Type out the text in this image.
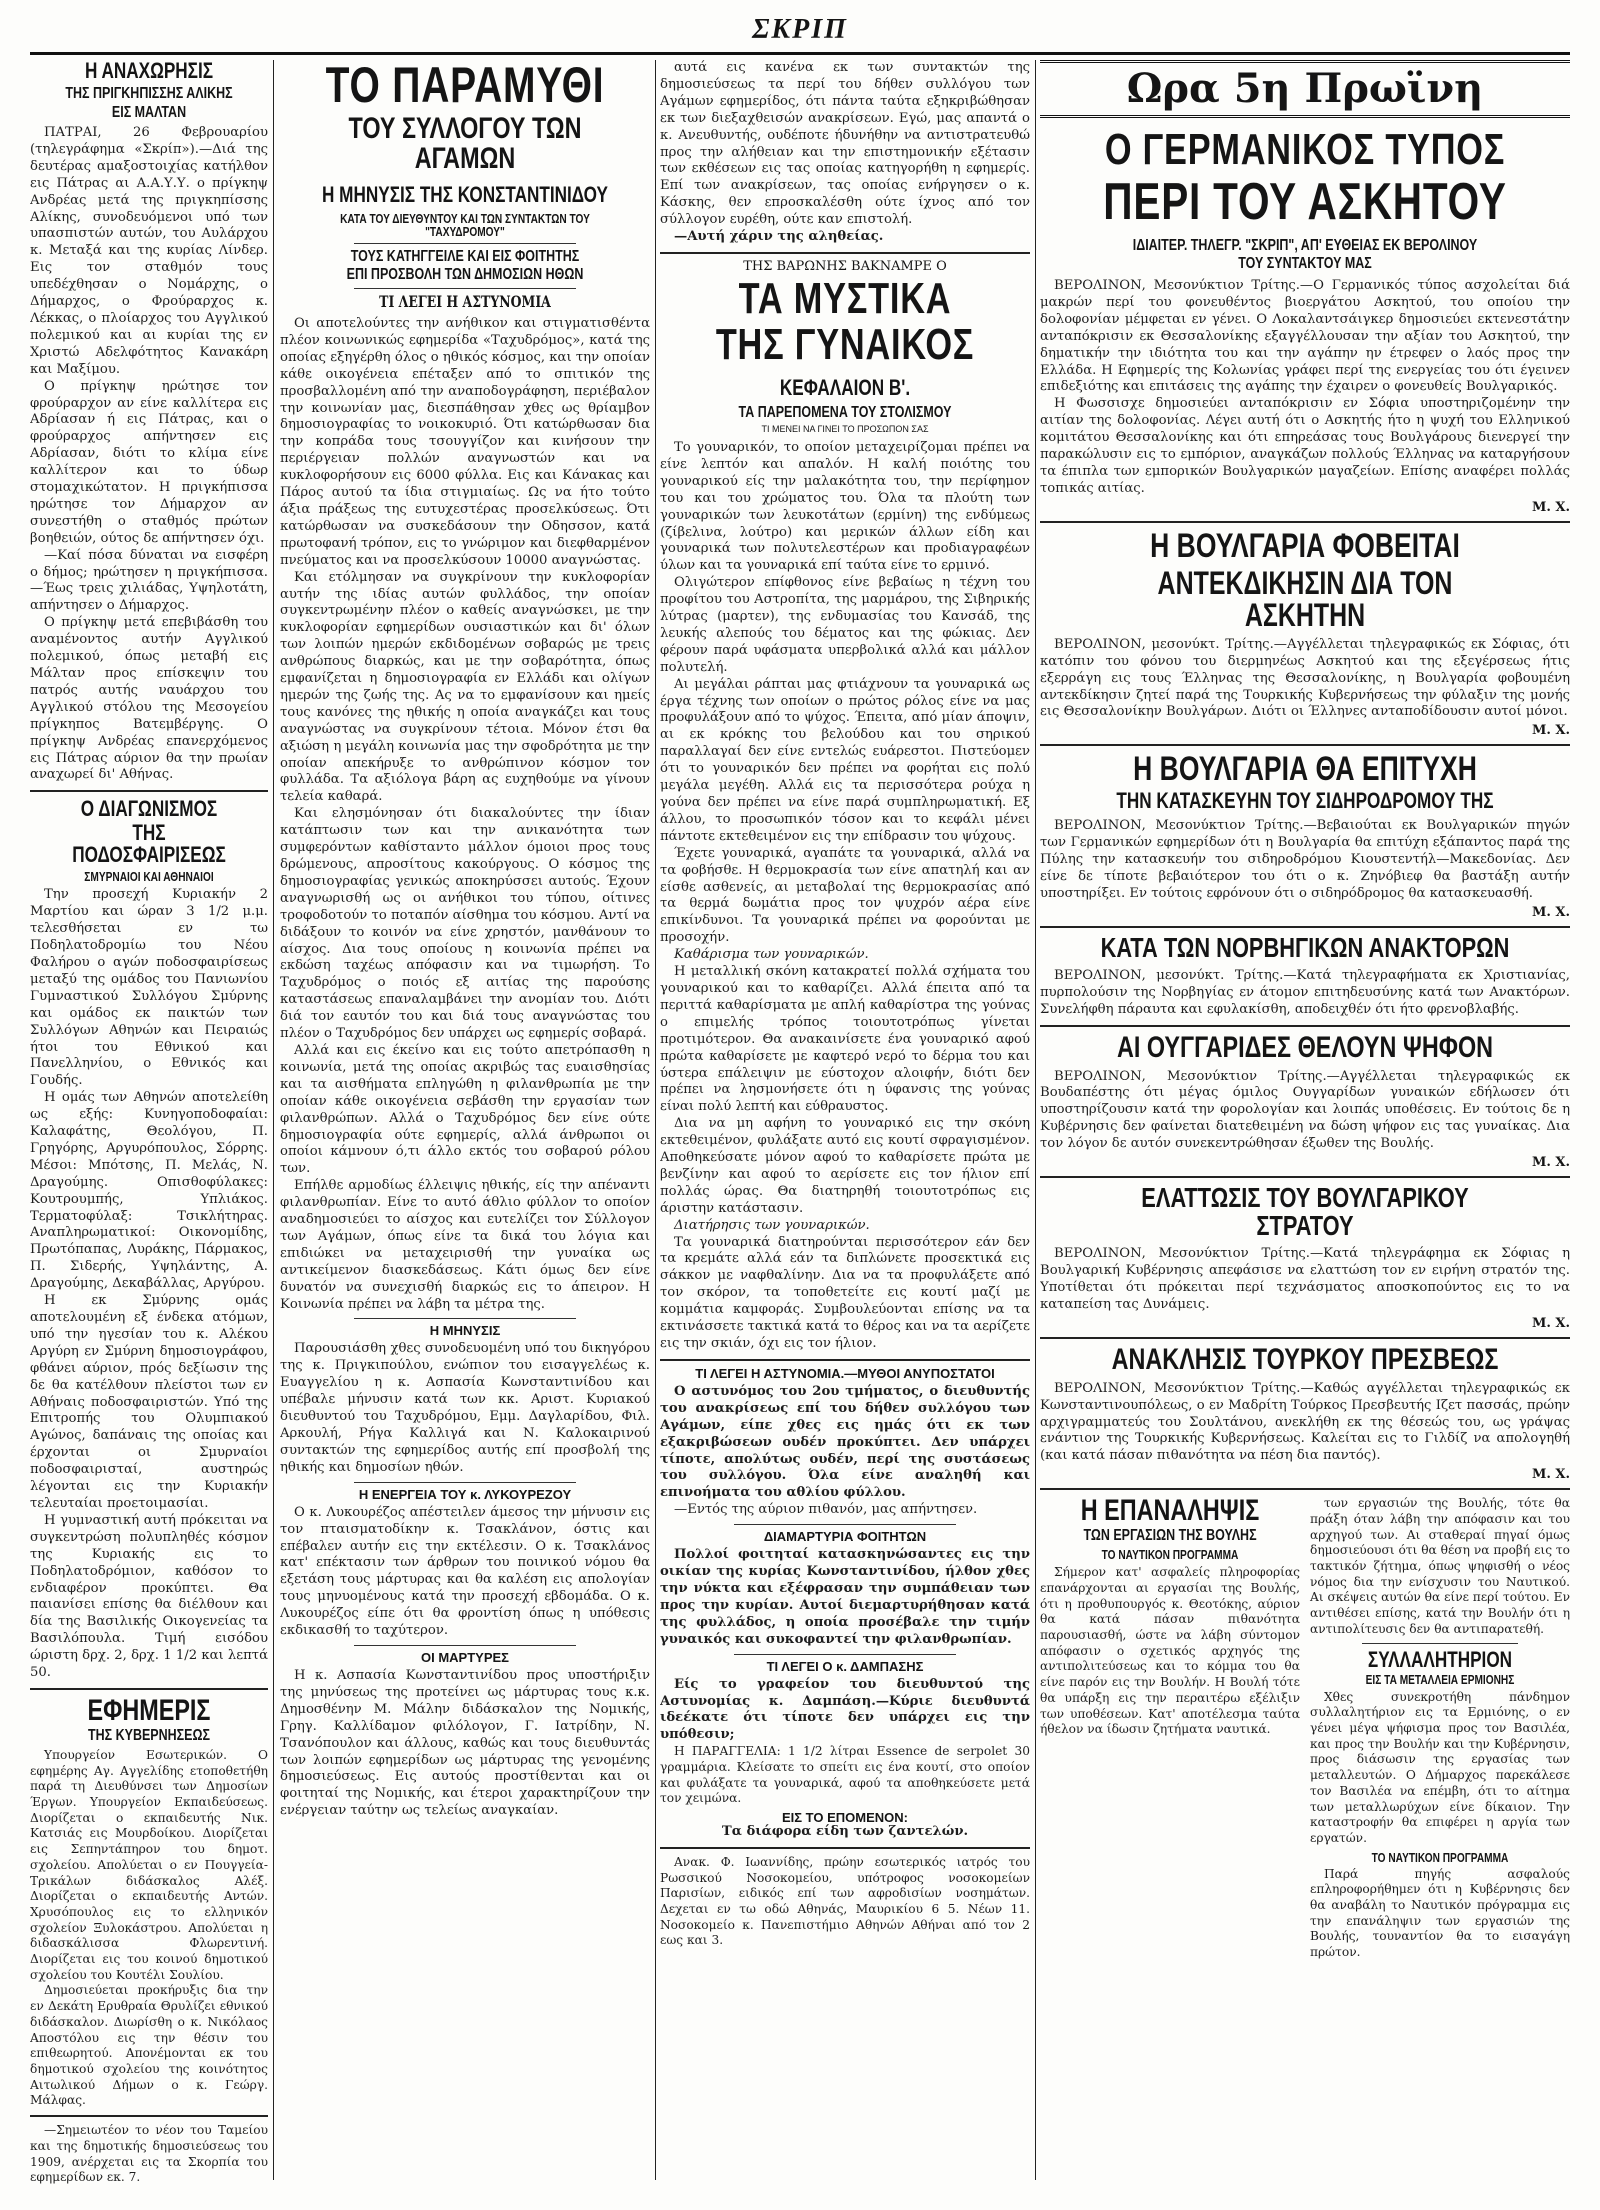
ΣΚΡΙΠ
Η ΑΝΑΧΩΡΗΣΙΣ
ΤΗΣ ΠΡΙΓΚΗΠΙΣΣΗΣ ΑΛΙΚΗΣ
ΕΙΣ ΜΑΛΤΑΝ
ΠΑΤΡΑΙ, 26 Φεβρουαρίου (τηλεγράφημα «Σκρίπ»).—Διά της δευτέρας αμαξοστοιχίας κατήλθον εις Πάτρας αι Α.Α.Υ.Υ. ο πρίγκηψ Ανδρέας μετά της πριγκηπίσσης Αλίκης, συνοδευόμενοι υπό των υπασπιστών αυτών, του Αυλάρχου κ. Μεταξά και της κυρίας Λίνδερ. Εις τον σταθμόν τους υπεδέχθησαν ο Νομάρχης, ο Δήμαρχος, ο Φρούραρχος κ. Λέκκας, ο πλοίαρχος του Αγγλικού πολεμικού και αι κυρίαι της εν Χριστώ Αδελφότητος Κανακάρη και Μαξίμου.
Ο πρίγκηψ ηρώτησε τον φρούραρχον αν είνε καλλίτερα εις Αδρίασαν ή εις Πάτρας, και ο φρούραρχος απήντησεν εις Αδρίασαν, διότι το κλίμα είνε καλλίτερον και το ύδωρ στομαχικώτατον. Η πριγκήπισσα ηρώτησε τον Δήμαρχον αν συνεστήθη ο σταθμός πρώτων βοηθειών, ούτος δε απήντησεν όχι.
—Καί πόσα δύναται να εισφέρη ο δήμος; ηρώτησεν η πριγκήπισσα. —Έως τρεις χιλιάδας, Υψηλοτάτη, απήντησεν ο Δήμαρχος.
Ο πρίγκηψ μετά επεβιβάσθη του αναμένοντος αυτήν Αγγλικού πολεμικού, όπως μεταβή εις Μάλταν προς επίσκεψιν του πατρός αυτής ναυάρχου του Αγγλικού στόλου της Μεσογείου πρίγκηπος Βατεμβέργης. Ο πρίγκηψ Ανδρέας επανερχόμενος εις Πάτρας αύριον θα την πρωίαν αναχωρεί δι' Αθήνας.
Ο ΔΙΑΓΩΝΙΣΜΟΣ
ΤΗΣ ΠΟΔΟΣΦΑΙΡΙΣΕΩΣ
ΣΜΥΡΝΑΙΟΙ ΚΑΙ ΑΘΗΝΑΙΟΙ
Την προσεχή Κυριακήν 2 Μαρτίου και ώραν 3 1/2 μ.μ. τελεσθήσεται εν τω Ποδηλατοδρομίω του Νέου Φαλήρου ο αγών ποδοσφαιρίσεως μεταξύ της ομάδος του Πανιωνίου Γυμναστικού Συλλόγου Σμύρνης και ομάδος εκ παικτών των Συλλόγων Αθηνών και Πειραιώς ήτοι του Εθνικού και Πανελληνίου, ο Εθνικός και Γουδής.
Η ομάς των Αθηνών αποτελείθη ως εξής: Κυνηγοποδοφαίαι: Καλαφάτης, Θεολόγου, Π. Γρηγόρης, Αργυρόπουλος, Σόρρης. Μέσοι: Μπότσης, Π. Μελάς, Ν. Δραγούμης. Οπισθοφύλακες: Κουτρουμπής, Υπλιάκος. Τερματοφύλαξ: Τσικλήτηρας. Αναπληρωματικοί: Οικονομίδης, Πρωτόπαπας, Λυράκης, Πάρμακος, Π. Σιδερής, Υψηλάντης, Α. Δραγούμης, Δεκαβάλλας, Αργύρου.
Η εκ Σμύρνης ομάς αποτελουμένη εξ ένδεκα ατόμων, υπό την ηγεσίαν του κ. Αλέκου Αργύρη εν Σμύρνη δημοσιογράφου, φθάνει αύριον, πρός δεξίωσιν της δε θα κατέλθουν πλείστοι των εν Αθήναις ποδοσφαιριστών. Υπό της Επιτροπής του Ολυμπιακού Αγώνος, δαπάναις της οποίας και έρχονται οι Σμυρναίοι ποδοσφαιρισταί, αυστηρώς λέγονται εις την Κυριακήν τελευταίαι προετοιμασίαι.
Η γυμναστική αυτή πρόκειται να συγκεντρώση πολυπληθές κόσμον της Κυριακής εις το Ποδηλατοδρόμιον, καθόσον το ενδιαφέρον προκύπτει. Θα παιανίσει επίσης θα διέλθουν και δία της Βασιλικής Οικογενείας τα Βασιλόπουλα. Τιμή εισόδου ώριστη δρχ. 2, δρχ. 1 1/2 και λεπτά 50.
ΕΦΗΜΕΡΙΣ
ΤΗΣ ΚΥΒΕΡΝΗΣΕΩΣ
Υπουργείον Εσωτερικών. Ο εφημέρης Αγ. Αγγελίδης ετοποθετήθη παρά τη Διευθύνσει των Δημοσίων Έργων. Υπουργείον Εκπαιδεύσεως. Διορίζεται ο εκπαιδευτής Νικ. Κατσιάς εις Μουρδοίκου. Διορίζεται εις Σεπηντάπηρον του δημοτ. σχολείου. Απολύεται ο εν Πουγγεία-Τρικάλων διδάσκαλος Αλέξ. Διορίζεται ο εκπαιδευτής Αντών. Χρυσόπουλος εις το ελληνικόν σχολείον Ξυλοκάστρου. Απολύεται η διδασκάλισσα Φλωρεντινή. Διορίζεται εις του κοινού δημοτικού σχολείου του Κουτέλι Σουλίου.
Δημοσιεύεται προκήρυξις δια την εν Δεκάτη Ερυθραία Θρυλίζει εθνικού διδάσκαλον. Διωρίσθη ο κ. Νικόλαος Αποστόλου εις την θέσιν του επιθεωρητού. Απονέμονται εκ του δημοτικού σχολείου της κοινότητος Αιτωλικού Δήμων ο κ. Γεώργ. Μάλφας.
—Σημειωτέον το νέον του Ταμείου και της δημοτικής δημοσιεύσεως του 1909, ανέρχεται εις τα Σκορπία του εφημερίδων εκ. 7.
ΤΟ ΠΑΡΑΜΥΘΙ
ΤΟΥ ΣΥΛΛΟΓΟΥ ΤΩΝ ΑΓΑΜΩΝ
Η ΜΗΝΥΣΙΣ ΤΗΣ ΚΟΝΣΤΑΝΤΙΝΙΔΟΥ
ΚΑΤΑ ΤΟΥ ΔΙΕΥΘΥΝΤΟΥ ΚΑΙ ΤΩΝ ΣΥΝΤΑΚΤΩΝ ΤΟΥ "ΤΑΧΥΔΡΟΜΟΥ"
ΤΟΥΣ ΚΑΤΗΓΓΕΙΛΕ ΚΑΙ ΕΙΣ ΦΟΙΤΗΤΗΣ
ΕΠΙ ΠΡΟΣΒΟΛΗ ΤΩΝ ΔΗΜΟΣΙΩΝ ΗΘΩΝ
ΤΙ ΛΕΓΕΙ Η ΑΣΤΥΝΟΜΙΑ
Οι αποτελούντες την ανήθικον και στιγματισθέντα πλέον κοινωνικώς εφημερίδα «Ταχυδρόμος», κατά της οποίας εξηγέρθη όλος ο ηθικός κόσμος, και την οποίαν κάθε οικογένεια επέταξεν από το σπιτικόν της προσβαλλομένη από την αναποδογράφηση, περιέβαλον την κοινωνίαν μας, διεσπάθησαν χθες ως θρίαμβον δημοσιογραφίας το νοικοκυριό. Ότι κατώρθωσαν δια την κοπράδα τους τσουγγίζον και κινήσουν την περιέργειαν πολλών αναγνωστών και να κυκλοφορήσουν εις 6000 φύλλα. Εις και Κάνακας και Πάρος αυτού τα ίδια στιγμιαίως. Ως να ήτο τούτο άξια πράξεως της ευτυχεστέρας προσελκύσεως. Ότι κατώρθωσαν να συσκεδάσουν την Οδησσον, κατά πρωτοφανή τρόπον, εις το γνώριμον και διεφθαρμένον πνεύματος και να προσελκύσουν 10000 αναγνώστας.
Και ετόλμησαν να συγκρίνουν την κυκλοφορίαν αυτήν της ιδίας αυτών φυλλάδος, την οποίαν συγκεντρωμένην πλέον ο καθείς αναγνώσκει, με την κυκλοφορίαν εφημερίδων ουσιαστικών και δι' όλων των λοιπών ημερών εκδιδομένων σοβαρώς με τρεις ανθρώπους διαρκώς, και με την σοβαρότητα, όπως εμφανίζεται η δημοσιογραφία εν Ελλάδι και ολίγων ημερών της ζωής της. Ας να το εμφανίσουν και ημείς τους κανόνες της ηθικής η οποία αναγκάζει και τους αναγνώστας να συγκρίνουν τέτοια. Μόνον έτσι θα αξιώση η μεγάλη κοινωνία μας την σφοδρότητα με την οποίαν απεκήρυξε το ανθρώπινον κόσμον τον φυλλάδα. Τα αξιόλογα βάρη ας ευχηθούμε να γίνουν τελεία καθαρά.
Και ελησμόνησαν ότι διακαλούντες την ίδιαν κατάπτωσιν των και την ανικανότητα των συμφερόντων καθίσταντο μάλλον όμοιοι προς τους δρώμενους, απροσίτους κακούργους. Ο κόσμος της δημοσιογραφίας γενικώς αποκηρύσσει αυτούς. Έχουν αναγνωρισθή ως οι ανήθικοι του τύπου, οίτινες τροφοδοτούν το ποταπόν αίσθημα του κόσμου. Αντί να διδάξουν το κοινόν να είνε χρηστόν, μανθάνουν το αίσχος. Δια τους οποίους η κοινωνία πρέπει να εκδώση ταχέως απόφασιν και να τιμωρήση. Το Ταχυδρόμος ο ποιός εξ αιτίας της παρούσης καταστάσεως επαναλαμβάνει την ανομίαν του. Διότι διά τον εαυτόν του και διά τους αναγνώστας του πλέον ο Ταχυδρόμος δεν υπάρχει ως εφημερίς σοβαρά.
Αλλά και εις έκείνο και εις τούτο απετρόπασθη η κοινωνία, μετά της οποίας ακριβώς τας ευαισθησίας και τα αισθήματα επληγώθη η φιλανθρωπία με την οποίαν κάθε οικογένεια σεβάσθη την εργασίαν των φιλανθρώπων. Αλλά ο Ταχυδρόμος δεν είνε ούτε δημοσιογραφία ούτε εφημερίς, αλλά άνθρωποι οι οποίοι κάμνουν ό,τι άλλο εκτός του σοβαρού ρόλου των.
Επήλθε αρμοδίως έλλειψις ηθικής, είς την απέναντι φιλανθρωπίαν. Είνε το αυτό άθλιο φύλλον το οποίον αναδημοσιεύει το αίσχος και ευτελίζει τον Σύλλογον των Αγάμων, όπως είνε τα δικά του λόγια και επιδιώκει να μεταχειρισθή την γυναίκα ως αντικείμενον διασκεδάσεως. Κάτι όμως δεν είνε δυνατόν να συνεχισθή διαρκώς εις το άπειρον. Η Κοινωνία πρέπει να λάβη τα μέτρα της.
Η ΜΗΝΥΣΙΣ
Παρουσιάσθη χθες συνοδευομένη υπό του δικηγόρου της κ. Πριγκιπούλου, ενώπιον του εισαγγελέως κ. Ευαγγελίου η κ. Ασπασία Κωνσταντινίδου και υπέβαλε μήνυσιν κατά των κκ. Αριστ. Κυριακού διευθυντού του Ταχυδρόμου, Εμμ. Δαγλαρίδου, Φιλ. Αρκουλή, Ρήγα Καλλιγά και Ν. Καλοκαιρινού συντακτών της εφημερίδος αυτής επί προσβολή της ηθικής και δημοσίων ηθών.
Η ΕΝΕΡΓΕΙΑ ΤΟΥ κ. ΛΥΚΟΥΡΕΖΟΥ
Ο κ. Λυκουρέζος απέστειλεν άμεσος την μήνυσιν εις τον πταισματοδίκην κ. Τσακλάνον, όστις και επέβαλεν αυτήν εις την εκτέλεσιν. Ο κ. Τσακλάνος κατ' επέκτασιν των άρθρων του ποινικού νόμου θα εξετάση τους μάρτυρας και θα καλέση εις απολογίαν τους μηνυομένους κατά την προσεχή εβδομάδα. Ο κ. Λυκουρέζος είπε ότι θα φροντίση όπως η υπόθεσις εκδικασθή το ταχύτερον.
ΟΙ ΜΑΡΤΥΡΕΣ
Η κ. Ασπασία Κωνσταντινίδου προς υποστήριξιν της μηνύσεως της προτείνει ως μάρτυρας τους κ.κ. Δημοσθένην Μ. Μάλην διδάσκαλον της Νομικής, Γρηγ. Καλλίδαμον φιλόλογον, Γ. Ιατρίδην, Ν. Τσανόπουλον και άλλους, καθώς και τους διευθυντάς των λοιπών εφημερίδων ως μάρτυρας της γενομένης δημοσιεύσεως. Εις αυτούς προστίθενται και οι φοιτηταί της Νομικής, και έτεροι χαρακτηρίζουν την ενέργειαν ταύτην ως τελείως αναγκαίαν.
αυτά εις κανένα εκ των συντακτών της δημοσιεύσεως τα περί του δήθεν συλλόγου των Αγάμων εφημερίδος, ότι πάντα ταύτα εξηκριβώθησαν εκ των διεξαχθεισών ανακρίσεων. Εγώ, μας απαντά ο κ. Ανευθυντής, ουδέποτε ήδυνήθην να αντιστρατευθώ προς την αλήθειαν και την επιστημονικήν εξέτασιν των εκθέσεων εις τας οποίας κατηγορήθη η εφημερίς. Επί των ανακρίσεων, τας οποίας ενήργησεν ο κ. Κάσκης, θεν επροσκαλέσθη ούτε ίχνος από τον σύλλογον ευρέθη, ούτε καν επιστολή.
—Αυτή χάριν της αληθείας.
ΤΗΣ ΒΑΡΩΝΗΣ ΒΑΚΝΑΜΡΕ Ο
ΤΑ ΜΥΣΤΙΚΑ
ΤΗΣ ΓΥΝΑΙΚΟΣ
ΚΕΦΑΛΑΙΟΝ Β'.
ΤΑ ΠΑΡΕΠΟΜΕΝΑ ΤΟΥ ΣΤΟΛΙΣΜΟΥ
ΤΙ ΜΕΝΕΙ ΝΑ ΓΙΝΕΙ ΤΟ ΠΡΟΣΩΠΟΝ ΣΑΣ
Το γουναρικόν, το οποίον μεταχειρίζομαι πρέπει να είνε λεπτόν και απαλόν. Η καλή ποιότης του γουναρικού είς την μαλακότητα του, την περίφημον του και του χρώματος του. Όλα τα πλούτη των γουναρικών των λευκοτάτων (ερμίνη) της ενδύμεως (ζίβελινα, λούτρο) και μερικών άλλων είδη και γουναρικά των πολυτελεστέρων και προδιαγραφέων ύλων και τα γουναρικά επί ταύτα είνε το ερμινό.
Ολιγώτερον επίφθονος είνε βεβαίως η τέχνη του προφίτου του Αστροπίτα, της μαρμάρου, της Σιβηρικής λύτρας (μαρτεν), της ενδυμασίας του Κανσάδ, της λευκής αλεπούς του δέματος και της φώκιας. Δεν φέρουν παρά υφάσματα υπερβολικά αλλά και μάλλον πολυτελή.
Αι μεγάλαι ράπται μας φτιάχνουν τα γουναρικά ως έργα τέχνης των οποίων ο πρώτος ρόλος είνε να μας προφυλάξουν από το ψύχος. Έπειτα, από μίαν άποψιν, αι εκ κρόκης του βελούδου και του σηρικού παραλλαγαί δεν είνε εντελώς ευάρεστοι. Πιστεύομεν ότι το γουναρικόν δεν πρέπει να φορήται εις πολύ μεγάλα μεγέθη. Αλλά εις τα περισσότερα ρούχα η γούνα δεν πρέπει να είνε παρά συμπληρωματική. Εξ άλλου, το προσωπικόν τόσον και το κεφάλι μένει πάντοτε εκτεθειμένον εις την επίδρασιν του ψύχους.
Έχετε γουναρικά, αγαπάτε τα γουναρικά, αλλά να τα φοβήσθε. Η θερμοκρασία των είνε απατηλή και αν είσθε ασθενείς, αι μεταβολαί της θερμοκρασίας από τα θερμά δωμάτια προς τον ψυχρόν αέρα είνε επικίνδυνοι. Τα γουναρικά πρέπει να φορούνται με προσοχήν.
Καθάρισμα των γουναρικών.
Η μεταλλική σκόνη κατακρατεί πολλά σχήματα του γουναρικού και το καθαρίζει. Αλλά έπειτα από τα περιττά καθαρίσματα με απλή καθαρίστρα της γούνας ο επιμελής τρόπος τοιουτοτρόπως γίνεται προτιμότερον. Θα ανακαινίσετε ένα γουναρικό αφού πρώτα καθαρίσετε με καφτερό νερό το δέρμα του και ύστερα επάλειψιν με εύστοχον αλοιφήν, διότι δεν πρέπει να λησμονήσετε ότι η ύφανσις της γούνας είναι πολύ λεπτή και εύθραυστος.
Δια να μη αφήνη το γουναρικό εις την σκόνη εκτεθειμένον, φυλάξατε αυτό εις κουτί σφραγισμένον. Αποθηκεύσατε μόνον αφού το καθαρίσετε πρώτα με βενζίνην και αφού το αερίσετε εις τον ήλιον επί πολλάς ώρας. Θα διατηρηθή τοιουτοτρόπως εις άριστην κατάστασιν.
Διατήρησις των γουναρικών.
Τα γουναρικά διατηρούνται περισσότερον εάν δεν τα κρεμάτε αλλά εάν τα διπλώνετε προσεκτικά εις σάκκον με ναφθαλίνην. Δια να τα προφυλάξετε από τον σκόρον, τα τοποθετείτε εις κουτί μαζί με κομμάτια καμφοράς. Συμβουλεύονται επίσης να τα εκτινάσσετε τακτικά κατά το θέρος και να τα αερίζετε εις την σκιάν, όχι εις τον ήλιον.
ΤΙ ΛΕΓΕΙ Η ΑΣΤΥΝΟΜΙΑ.—ΜΥΘΟΙ ΑΝΥΠΟΣΤΑΤΟΙ
Ο αστυνόμος του 2ου τμήματος, ο διευθυντής του ανακρίσεως επί του δήθεν συλλόγου των Αγάμων, είπε χθες εις ημάς ότι εκ των εξακριβώσεων ουδέν προκύπτει. Δεν υπάρχει τίποτε, απολύτως ουδέν, περί της συστάσεως του συλλόγου. Όλα είνε αναληθή και επινοήματα του αθλίου φύλλου.
—Εντός της αύριον πιθανόν, μας απήντησεν.
ΔΙΑΜΑΡΤΥΡΙΑ ΦΟΙΤΗΤΩΝ
Πολλοί φοιτηταί κατασκηνώσαντες εις την οικίαν της κυρίας Κωνσταντινίδου, ήλθον χθες την νύκτα και εξέφρασαν την συμπάθειαν των προς την κυρίαν. Αυτοί διεμαρτυρήθησαν κατά της φυλλάδος, η οποία προσέβαλε την τιμήν γυναικός και συκοφαντεί την φιλανθρωπίαν.
ΤΙ ΛΕΓΕΙ Ο κ. ΔΑΜΠΑΣΗΣ
Είς το γραφείον του διευθυντού της Αστυνομίας κ. Δαμπάση.—Κύριε διευθυντά ιδεέκατε ότι τίποτε δεν υπάρχει εις την υπόθεσιν;
Η ΠΑΡΑΓΓΕΛΙΑ: 1 1/2 λίτραι Essence de serpolet 30 γραμμάρια. Κλείσατε το σπείτι εις ένα κουτί, στο οποίον και φυλάξατε τα γουναρικά, αφού τα αποθηκεύσετε μετά τον χειμώνα.
ΕΙΣ ΤΟ ΕΠΟΜΕΝΟΝ:
Τα διάφορα είδη των ζαντελών.
Ανακ. Φ. Ιωαννίδης, πρώην εσωτερικός ιατρός του Ρωσσικού Νοσοκομείου, υπότροφος νοσοκομείων Παρισίων, ειδικός επί των αφροδισίων νοσημάτων. Δεχεται εν τω οδώ Αθηνάς, Μαυρικίου 6 5. Νέων 11. Νοσοκομείο κ. Πανεπιστήμιο Αθηνών Αθήναι από τον 2 εως και 3.
Ωρα 5η Πρωϊνη
Ο ΓΕΡΜΑΝΙΚΟΣ ΤΥΠΟΣ
ΠΕΡΙ ΤΟΥ ΑΣΚΗΤΟΥ
ΙΔΙΑΙΤΕΡ. ΤΗΛΕΓΡ. "ΣΚΡΙΠ", ΑΠ' ΕΥΘΕΙΑΣ ΕΚ ΒΕΡΟΛΙΝΟΥ
ΤΟΥ ΣΥΝΤΑΚΤΟΥ ΜΑΣ
ΒΕΡΟΛΙΝΟΝ, Μεσονύκτιον Τρίτης.—Ο Γερμανικός τύπος ασχολείται διά μακρών περί του φονευθέντος βιοεργάτου Ασκητού, του οποίου την δολοφονίαν μέμφεται εν γένει. Ο Λοκαλαντσάιγκερ δημοσιεύει εκτενεστάτην ανταπόκρισιν εκ Θεσσαλονίκης εξαγγέλλουσαν την αξίαν του Ασκητού, την δηματικήν την ιδιότητα του και την αγάπην ην έτρεφεν ο λαός προς την Ελλάδα. Η Εφημερίς της Κολωνίας γράφει περί της ενεργείας του ότι έγεινεν επιδεξιότης και επιτάσεις της αγάπης την έχαιρεν ο φονευθείς Βουλγαρικός.
Η Φωσσισχε δημοσιεύει ανταπόκρισιν εν Σόφια υποστηριζομένην την αιτίαν της δολοφονίας. Λέγει αυτή ότι ο Ασκητής ήτο η ψυχή του Ελληνικού κομιτάτου Θεσσαλονίκης και ότι επηρεάσας τους Βουλγάρους διενεργεί την παρακώλυσιν εις το εμπόριον, αναγκάζων πολλούς Έλληνας να καταργήσουν τα έπιπλα των εμπορικών Βουλγαρικών μαγαζείων. Επίσης αναφέρει πολλάς τοπικάς αιτίας.
Μ. Χ.
Η ΒΟΥΛΓΑΡΙΑ ΦΟΒΕΙΤΑΙ
ΑΝΤΕΚΔΙΚΗΣΙΝ ΔΙΑ ΤΟΝ ΑΣΚΗΤΗΝ
ΒΕΡΟΛΙΝΟΝ, μεσονύκτ. Τρίτης.—Αγγέλλεται τηλεγραφικώς εκ Σόφιας, ότι κατόπιν του φόνου του διερμηνέως Ασκητού και της εξεγέρσεως ήτις εξερράγη εις τους Έλληνας της Θεσσαλονίκης, η Βουλγαρία φοβουμένη αντεκδίκησιν ζητεί παρά της Τουρκικής Κυβερνήσεως την φύλαξιν της μονής εις Θεσσαλονίκην Βουλγάρων. Διότι οι Έλληνες ανταποδίδουσιν αυτοί μόνοι.
Μ. Χ.
Η ΒΟΥΛΓΑΡΙΑ ΘΑ ΕΠΙΤΥΧΗ
ΤΗΝ ΚΑΤΑΣΚΕΥΗΝ ΤΟΥ ΣΙΔΗΡΟΔΡΟΜΟΥ ΤΗΣ
ΒΕΡΟΛΙΝΟΝ, Μεσονύκτιον Τρίτης.—Βεβαιούται εκ Βουλγαρικών πηγών των Γερμανικών εφημερίδων ότι η Βουλγαρία θα επιτύχη εξάπαντος παρά της Πύλης την κατασκευήν του σιδηροδρόμου Κιουστεντήλ—Μακεδονίας. Δεν είνε δε τίποτε βεβαιότερον του ότι ο κ. Ζηνόβιεφ θα βαστάξη αυτήν υποστηρίξει. Εν τούτοις εφρόνουν ότι ο σιδηρόδρομος θα κατασκευασθή.
Μ. Χ.
ΚΑΤΑ ΤΩΝ ΝΟΡΒΗΓΙΚΩΝ ΑΝΑΚΤΟΡΩΝ
ΒΕΡΟΛΙΝΟΝ, μεσονύκτ. Τρίτης.—Κατά τηλεγραφήματα εκ Χριστιανίας, πυρπολούσιν της Νορβηγίας εν άτομον επιτηδευσύνης κατά των Ανακτόρων. Συνελήφθη πάραυτα και εφυλακίσθη, αποδειχθέν ότι ήτο φρενοβλαβής.
ΑΙ ΟΥΓΓΑΡΙΔΕΣ ΘΕΛΟΥΝ ΨΗΦΟΝ
ΒΕΡΟΛΙΝΟΝ, Μεσονύκτιον Τρίτης.—Αγγέλλεται τηλεγραφικώς εκ Βουδαπέστης ότι μέγας όμιλος Ουγγαρίδων γυναικών εδήλωσεν ότι υποστηρίζουσιν κατά την φορολογίαν και λοιπάς υποθέσεις. Εν τούτοις δε η Κυβέρνησις δεν φαίνεται διατεθειμένη να δώση ψήφον εις τας γυναίκας. Δια τον λόγον δε αυτόν συνεκεντρώθησαν έξωθεν της Βουλής.
Μ. Χ.
ΕΛΑΤΤΩΣΙΣ ΤΟΥ ΒΟΥΛΓΑΡΙΚΟΥ ΣΤΡΑΤΟΥ
ΒΕΡΟΛΙΝΟΝ, Μεσονύκτιον Τρίτης.—Κατά τηλεγράφημα εκ Σόφιας η Βουλγαρική Κυβέρνησις απεφάσισε να ελαττώση τον εν ειρήνη στρατόν της. Υποτίθεται ότι πρόκειται περί τεχνάσματος αποσκοπούντος εις το να καταπείση τας Δυνάμεις.
Μ. Χ.
ΑΝΑΚΛΗΣΙΣ ΤΟΥΡΚΟΥ ΠΡΕΣΒΕΩΣ
ΒΕΡΟΛΙΝΟΝ, Μεσονύκτιον Τρίτης.—Καθώς αγγέλλεται τηλεγραφικώς εκ Κωνσταντινουπόλεως, ο εν Μαδρίτη Τούρκος Πρεσβευτής Ιζετ πασσάς, πρώην αρχιγραμματεύς του Σουλτάνου, ανεκλήθη εκ της θέσεώς του, ως γράψας ενάντιον της Τουρκικής Κυβερνήσεως. Καλείται εις το Γιλδίζ να απολογηθή (και κατά πάσαν πιθανότητα να πέση δια παντός).
Μ. Χ.
Η ΕΠΑΝΑΛΗΨΙΣ
ΤΩΝ ΕΡΓΑΣΙΩΝ ΤΗΣ ΒΟΥΛΗΣ
ΤΟ ΝΑΥΤΙΚΟΝ ΠΡΟΓΡΑΜΜΑ
Σήμερον κατ' ασφαλείς πληροφορίας επανάρχονται αι εργασίαι της Βουλής, ότι η προθυπουργός κ. Θεοτόκης, αύριον θα κατά πάσαν πιθανότητα παρουσιασθή, ώστε να λάβη σύντομον απόφασιν ο σχετικός αρχηγός της αντιπολιτεύσεως και το κόμμα του θα είνε παρόν εις την Βουλήν. Η Βουλή τότε θα υπάρξη εις την περαιτέρω εξέλιξιν των υποθέσεων. Κατ' αποτέλεσμα ταύτα ήθελον να ίδωσιν ζητήματα ναυτικά.
των εργασιών της Βουλής, τότε θα πράξη όταν λάβη την απόφασιν και του αρχηγού των. Αι σταθεραί πηγαί όμως δημοσιεύουσι ότι θα θέση να προβή εις το τακτικόν ζήτημα, όπως ψηφισθή ο νέος νόμος δια την ενίσχυσιν του Ναυτικού. Αι σκέψεις αυτών θα είνε περί τούτου. Εν αντιθέσει επίσης, κατά την Βουλήν ότι η αντιπολίτευσις δεν θα αντιπαρατεθή.
ΣΥΛΛΑΛΗΤΗΡΙΟΝ
ΕΙΣ ΤΑ ΜΕΤΑΛΛΕΙΑ ΕΡΜΙΟΝΗΣ
Χθες συνεκροτήθη πάνδημον συλλαλητήριον εις τα Ερμιόνης, ο εν γένει μέγα ψήφισμα προς τον Βασιλέα, και προς την Βουλήν και την Κυβέρνησιν, προς διάσωσιν της εργασίας των μεταλλευτών. Ο Δήμαρχος παρεκάλεσε τον Βασιλέα να επέμβη, ότι το αίτημα των μεταλλωρύχων είνε δίκαιον. Την καταστροφήν θα επιφέρει η αργία των εργατών.
ΤΟ ΝΑΥΤΙΚΟΝ ΠΡΟΓΡΑΜΜΑ
Παρά πηγής ασφαλούς επληροφορήθημεν ότι η Κυβέρνησις δεν θα αναβάλη το Ναυτικόν πρόγραμμα εις την επανάληψιν των εργασιών της Βουλής, τουναντίον θα το εισαγάγη πρώτον.
